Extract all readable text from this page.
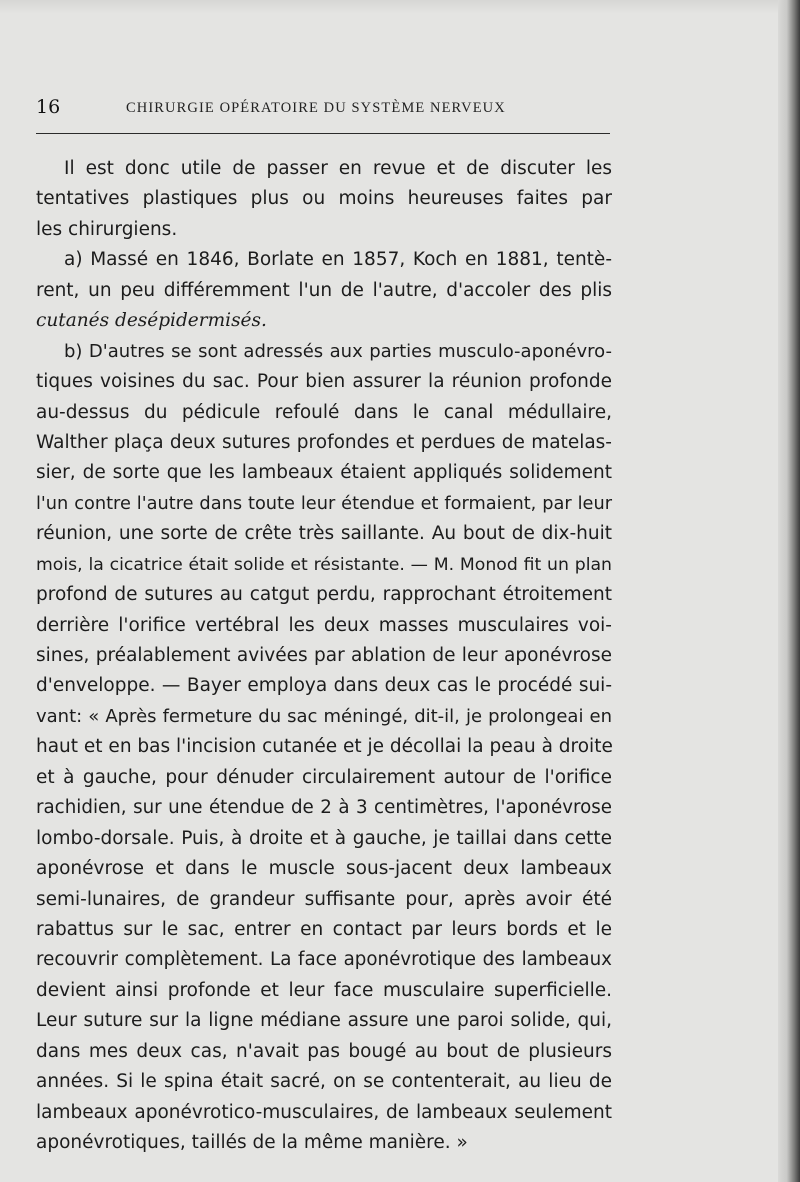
16	CHIRURGIE OPÉRATOIRE DU SYSTÈME NERVEUX
Il est donc utile de passer en revue et de discuter les
tentatives plastiques plus ou moins heureuses faites par
les chirurgiens.
a) Massé en 1846, Borlate en 1857, Koch en 1881, tentè-
rent, un peu différemment l'un de l'autre, d'accoler des plis
cutanés desépidermisés.
b) D'autres se sont adressés aux parties musculo-aponévro-
tiques voisines du sac. Pour bien assurer la réunion profonde
au-dessus du pédicule refoulé dans le canal médullaire,
Walther plaça deux sutures profondes et perdues de matelas-
sier, de sorte que les lambeaux étaient appliqués solidement
l'un contre l'autre dans toute leur étendue et formaient, par leur
réunion, une sorte de crête très saillante. Au bout de dix-huit
mois, la cicatrice était solide et résistante. — M. Monod fit un plan
profond de sutures au catgut perdu, rapprochant étroitement
derrière l'orifice vertébral les deux masses musculaires voi-
sines, préalablement avivées par ablation de leur aponévrose
d'enveloppe. — Bayer employa dans deux cas le procédé sui-
vant: « Après fermeture du sac méningé, dit-il, je prolongeai en
haut et en bas l'incision cutanée et je décollai la peau à droite
et à gauche, pour dénuder circulairement autour de l'orifice
rachidien, sur une étendue de 2 à 3 centimètres, l'aponévrose
lombo-dorsale. Puis, à droite et à gauche, je taillai dans cette
aponévrose et dans le muscle sous-jacent deux lambeaux
semi-lunaires, de grandeur suffisante pour, après avoir été
rabattus sur le sac, entrer en contact par leurs bords et le
recouvrir complètement. La face aponévrotique des lambeaux
devient ainsi profonde et leur face musculaire superficielle.
Leur suture sur la ligne médiane assure une paroi solide, qui,
dans mes deux cas, n'avait pas bougé au bout de plusieurs
années. Si le spina était sacré, on se contenterait, au lieu de
lambeaux aponévrotico-musculaires, de lambeaux seulement
aponévrotiques, taillés de la même manière. »
